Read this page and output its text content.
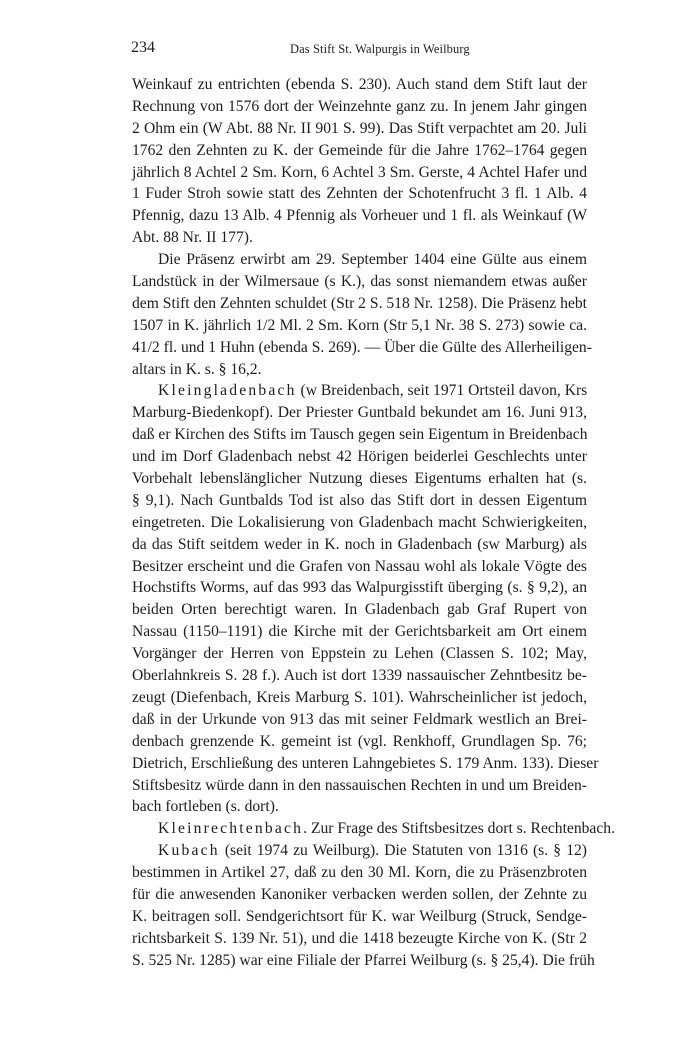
234	Das Stift St. Walpurgis in Weilburg
Weinkauf zu entrichten (ebenda S. 230). Auch stand dem Stift laut der
Rechnung von 1576 dort der Weinzehnte ganz zu. In jenem Jahr gingen
2 Ohm ein (W Abt. 88 Nr. II 901 S. 99). Das Stift verpachtet am 20. Juli
1762 den Zehnten zu K. der Gemeinde für die Jahre 1762–1764 gegen
jährlich 8 Achtel 2 Sm. Korn, 6 Achtel 3 Sm. Gerste, 4 Achtel Hafer und
1 Fuder Stroh sowie statt des Zehnten der Schotenfrucht 3 fl. 1 Alb. 4
Pfennig, dazu 13 Alb. 4 Pfennig als Vorheuer und 1 fl. als Weinkauf (W
Abt. 88 Nr. II 177).
Die Präsenz erwirbt am 29. September 1404 eine Gülte aus einem
Landstück in der Wilmersaue (s K.), das sonst niemandem etwas außer
dem Stift den Zehnten schuldet (Str 2 S. 518 Nr. 1258). Die Präsenz hebt
1507 in K. jährlich 1/2 Ml. 2 Sm. Korn (Str 5,1 Nr. 38 S. 273) sowie ca.
41/2 fl. und 1 Huhn (ebenda S. 269). — Über die Gülte des Allerheiligen-
altars in K. s. § 16,2.
Kleingladenbach (w Breidenbach, seit 1971 Ortsteil davon, Krs
Marburg-Biedenkopf). Der Priester Guntbald bekundet am 16. Juni 913,
daß er Kirchen des Stifts im Tausch gegen sein Eigentum in Breidenbach
und im Dorf Gladenbach nebst 42 Hörigen beiderlei Geschlechts unter
Vorbehalt lebenslänglicher Nutzung dieses Eigentums erhalten hat (s.
§ 9,1). Nach Guntbalds Tod ist also das Stift dort in dessen Eigentum
eingetreten. Die Lokalisierung von Gladenbach macht Schwierigkeiten,
da das Stift seitdem weder in K. noch in Gladenbach (sw Marburg) als
Besitzer erscheint und die Grafen von Nassau wohl als lokale Vögte des
Hochstifts Worms, auf das 993 das Walpurgisstift überging (s. § 9,2), an
beiden Orten berechtigt waren. In Gladenbach gab Graf Rupert von
Nassau (1150–1191) die Kirche mit der Gerichtsbarkeit am Ort einem
Vorgänger der Herren von Eppstein zu Lehen (Classen S. 102; May,
Oberlahnkreis S. 28 f.). Auch ist dort 1339 nassauischer Zehntbesitz be-
zeugt (Diefenbach, Kreis Marburg S. 101). Wahrscheinlicher ist jedoch,
daß in der Urkunde von 913 das mit seiner Feldmark westlich an Brei-
denbach grenzende K. gemeint ist (vgl. Renkhoff, Grundlagen Sp. 76;
Dietrich, Erschließung des unteren Lahngebietes S. 179 Anm. 133). Dieser
Stiftsbesitz würde dann in den nassauischen Rechten in und um Breiden-
bach fortleben (s. dort).
Kleinrechtenbach. Zur Frage des Stiftsbesitzes dort s. Rechtenbach.
Kubach (seit 1974 zu Weilburg). Die Statuten von 1316 (s. § 12)
bestimmen in Artikel 27, daß zu den 30 Ml. Korn, die zu Präsenzbroten
für die anwesenden Kanoniker verbacken werden sollen, der Zehnte zu
K. beitragen soll. Sendgerichtsort für K. war Weilburg (Struck, Sendge-
richtsbarkeit S. 139 Nr. 51), und die 1418 bezeugte Kirche von K. (Str 2
S. 525 Nr. 1285) war eine Filiale der Pfarrei Weilburg (s. § 25,4). Die früh
